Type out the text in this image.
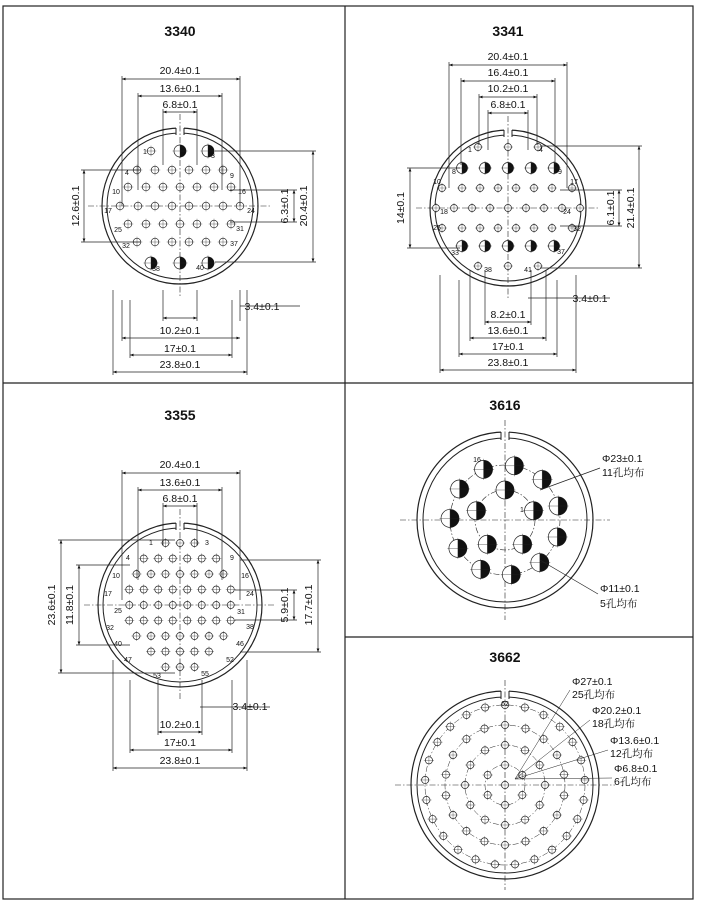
3340
1
3
4	9
10	16
17	24
25	31
32	37
38	40
20.4±0.1
13.6±0.1
6.8±0.1
3.4±0.1
10.2±0.1
17±0.1
23.8±0.1
12.6±0.1	6.3±0.1 20.4±0.1
3341
1	4
8	9
10	17
18	24
25	32
33	37
38	41
20.4±0.1
16.4±0.1
10.2±0.1
6.8±0.1
3.4±0.1
8.2±0.1
13.6±0.1
17±0.1
23.8±0.1
14±0.1	6.1±0.1 21.4±0.1
3355
1	3
4	9
10	16
17	24
25	31
32	38
40	46
47	52
53	55
20.4±0.1
13.6±0.1
6.8±0.1
3.4±0.1
10.2±0.1
17±0.1
23.8±0.1
23.6±0.1 11.8±0.1	5.9±0.1 17.7±0.1
3616
16
1
Φ23±0.1
11孔均布
Φ11±0.1
5孔均布
3662
62
Φ27±0.1
25孔均布
Φ20.2±0.1
18孔均布
Φ13.6±0.1
12孔均布
Φ6.8±0.1
6孔均布
